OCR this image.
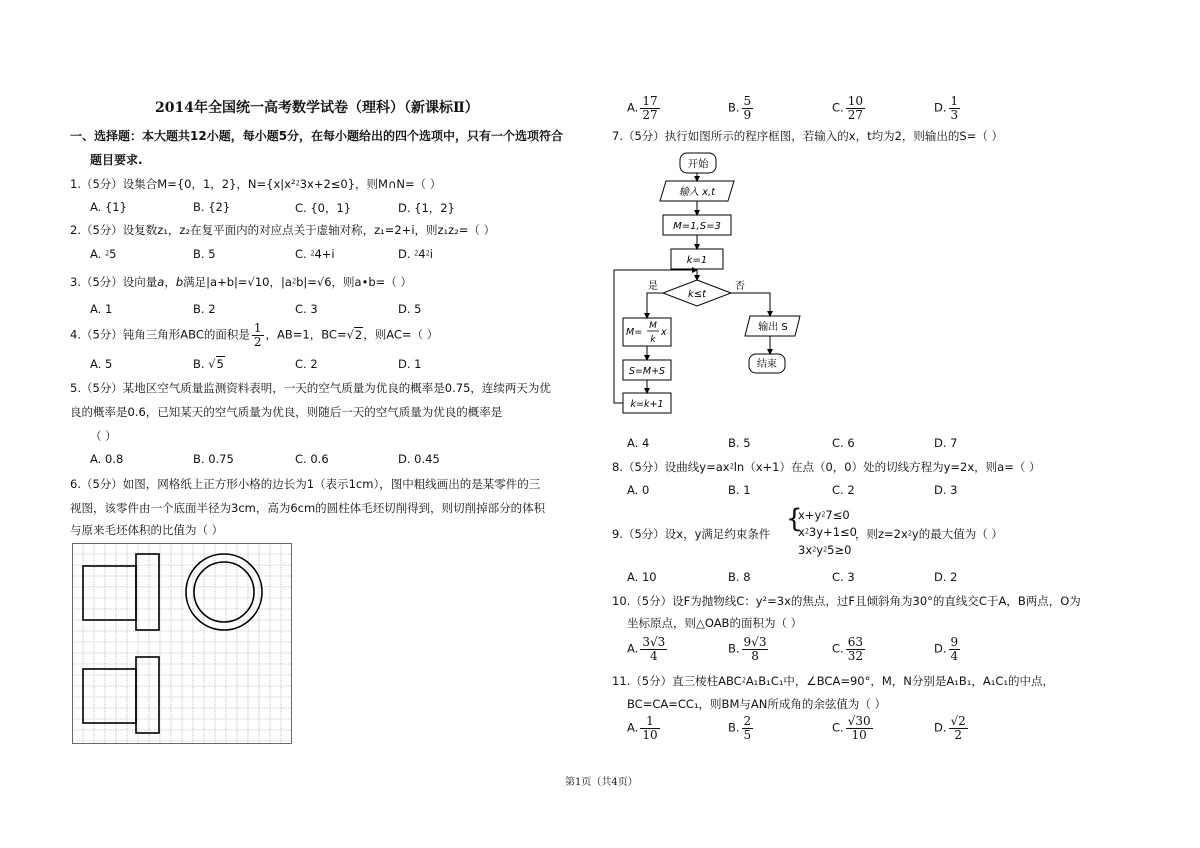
2014年全国统一高考数学试卷（理科）（新课标Ⅱ）
一、选择题：本大题共12小题，每小题5分，在每小题给出的四个选项中，只有一个选项符合
题目要求.
1.（5分）设集合M={0，1，2}，N={x|x²⁲3x+2≤0}，则M∩N=（ ）
A. {1}	B. {2}	C. {0，1}	D. {1，2}
2.（5分）设复数z₁，z₂在复平面内的对应点关于虚轴对称，z₁=2+i，则z₁z₂=（ ）
A. ⁲5	B. 5	C. ⁲4+i	D. ⁲4⁲i
3.（5分）设向量a，b满足|a+b|=√10，|a⁲b|=√6，则a•b=（ ）
A. 1	B. 2	C. 3	D. 5
4.（5分）钝角三角形ABC的面积是 $\frac{1}{2}$ ，AB=1，BC=√2，则AC=（ ）
A. 5	B. √5	C. 2	D. 1
5.（5分）某地区空气质量监测资料表明，一天的空气质量为优良的概率是0.75，连续两天为优
良的概率是0.6，已知某天的空气质量为优良，则随后一天的空气质量为优良的概率是
（ ）
A. 0.8	B. 0.75	C. 0.6	D. 0.45
6.（5分）如图，网格纸上正方形小格的边长为1（表示1cm），图中粗线画出的是某零件的三
视图，该零件由一个底面半径为3cm，高为6cm的圆柱体毛坯切削得到，则切削掉部分的体积
与原来毛坯体积的比值为（ ）
A. $\frac{17}{27}$	B. $\frac{5}{9}$	C. $\frac{10}{27}$	D. $\frac{1}{3}$
7.（5分）执行如图所示的程序框图，若输入的x，t均为2，则输出的S=（ ）
开始
输入 x,t
M=1,S=3
k=1
k≤t
是	否
M=
M
k
x
S=M+S
k=k+1
输出 S
结束
A. 4	B. 5	C. 6	D. 7
8.（5分）设曲线y=ax⁲ln（x+1）在点（0，0）处的切线方程为y=2x，则a=（ ）
A. 0	B. 1	C. 2	D. 3
9.（5分）设x，y满足约束条件 {
x+y⁲7≤0
x⁲3y+1≤0
3x⁲y⁲5≥0
，则z=2x⁲y的最大值为（ ）
A. 10	B. 8	C. 3	D. 2
10.（5分）设F为抛物线C：y²=3x的焦点，过F且倾斜角为30°的直线交C于A，B两点，O为
坐标原点，则△OAB的面积为（ ）
A. $\frac{3√3}{4}$	B. $\frac{9√3}{8}$	C. $\frac{63}{32}$	D. $\frac{9}{4}$
11.（5分）直三棱柱ABC⁲A₁B₁C₁中，∠BCA=90°，M，N分别是A₁B₁，A₁C₁的中点，
BC=CA=CC₁，则BM与AN所成角的余弦值为（ ）
A. $\frac{1}{10}$	B. $\frac{2}{5}$	C. $\frac{√30}{10}$	D. $\frac{√2}{2}$
第1页（共4页）
